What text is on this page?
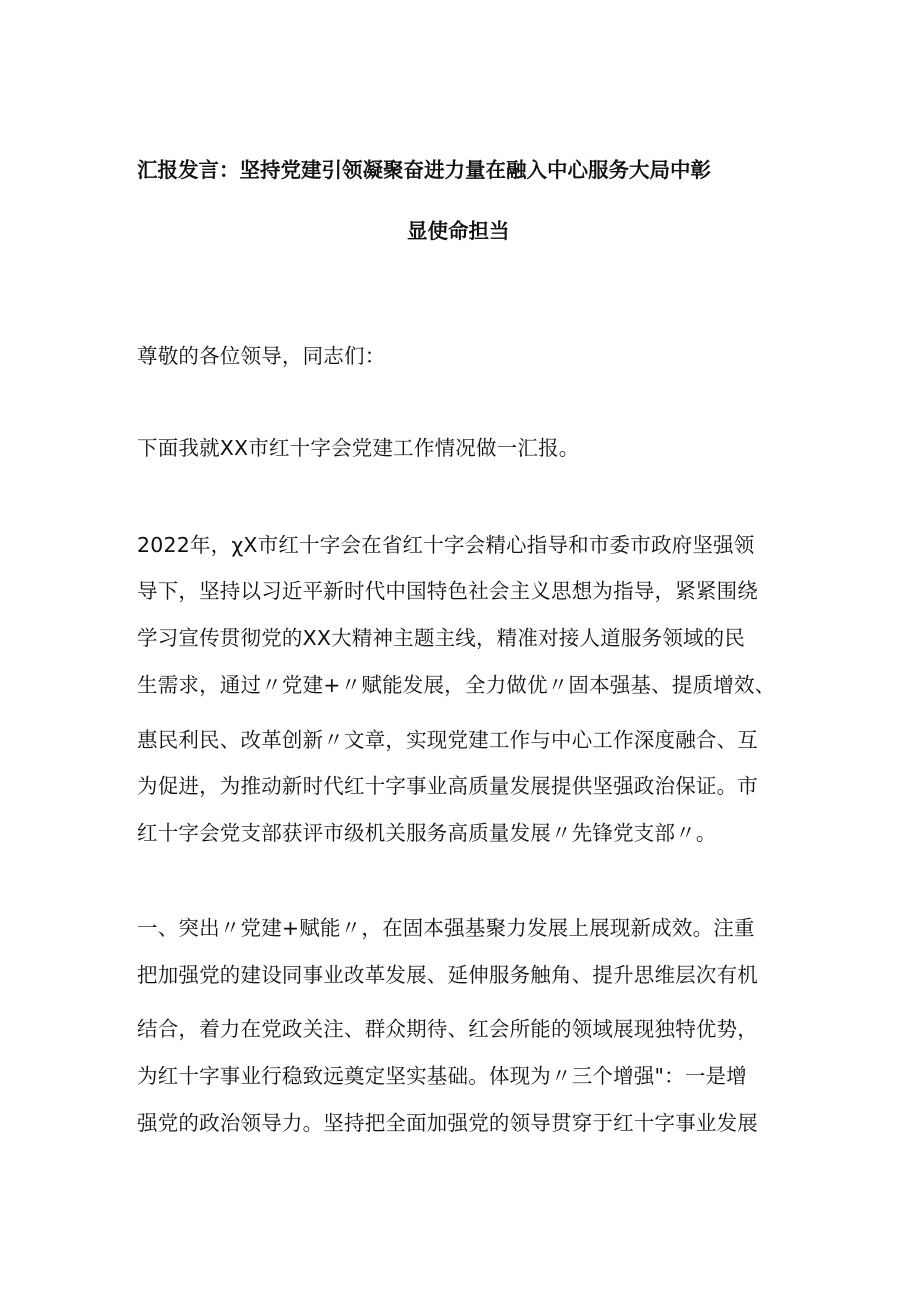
汇报发言：坚持党建引领凝聚奋进力量在融入中心服务大局中彰
显使命担当
尊敬的各位领导，同志们：
下面我就XX市红十字会党建工作情况做一汇报。
2022年，χX市红十字会在省红十字会精心指导和市委市政府坚强领
导下，坚持以习近平新时代中国特色社会主义思想为指导，紧紧围绕
学习宣传贯彻党的XX大精神主题主线，精准对接人道服务领域的民
生需求，通过〃党建+〃赋能发展，全力做优〃固本强基、提质增效、
惠民利民、改革创新〃文章，实现党建工作与中心工作深度融合、互
为促进，为推动新时代红十字事业高质量发展提供坚强政治保证。市
红十字会党支部获评市级机关服务高质量发展〃先锋党支部〃。
一、突出〃党建+赋能〃，在固本强基聚力发展上展现新成效。注重
把加强党的建设同事业改革发展、延伸服务触角、提升思维层次有机
结合，着力在党政关注、群众期待、红会所能的领域展现独特优势，
为红十字事业行稳致远奠定坚实基础。体现为〃三个增强"：一是增
强党的政治领导力。坚持把全面加强党的领导贯穿于红十字事业发展
